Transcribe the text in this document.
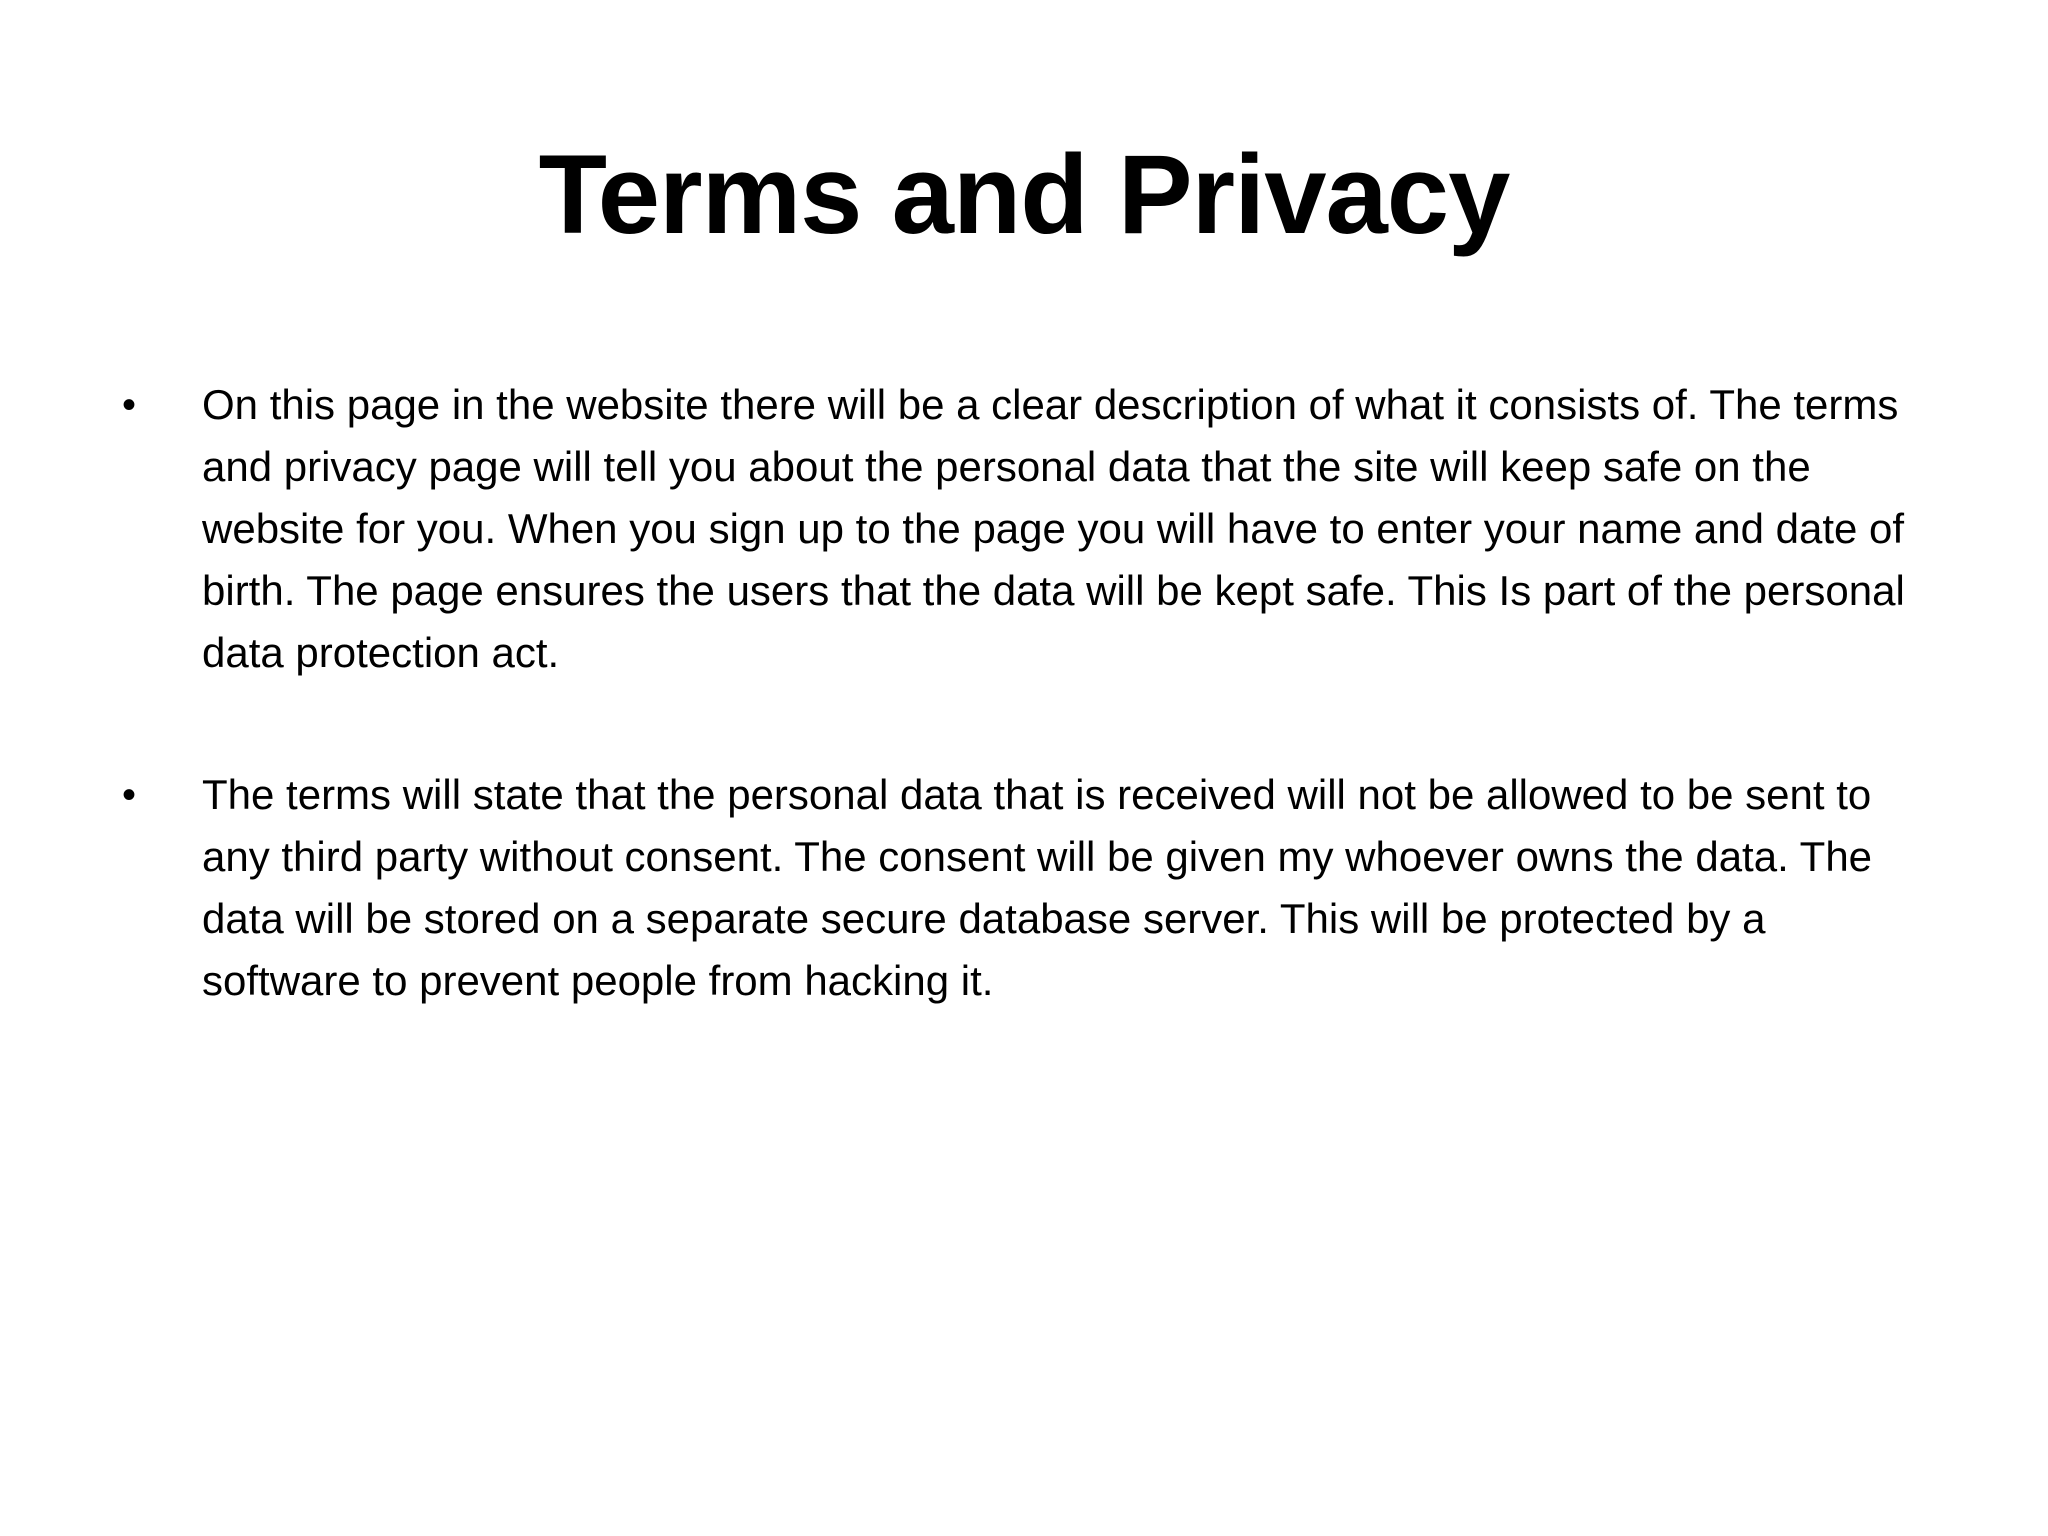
Terms and Privacy
• On this page in the website there will be a clear description of what it consists of. The terms and privacy page will tell you about the personal data that the site will keep safe on the website for you. When you sign up to the page you will have to enter your name and date of birth. The page ensures the users that the data will be kept safe. This Is part of the personal data protection act.
• The terms will state that the personal data that is received will not be allowed to be sent to any third party without consent. The consent will be given my whoever owns the data. The data will be stored on a separate secure database server. This will be protected by a software to prevent people from hacking it.
